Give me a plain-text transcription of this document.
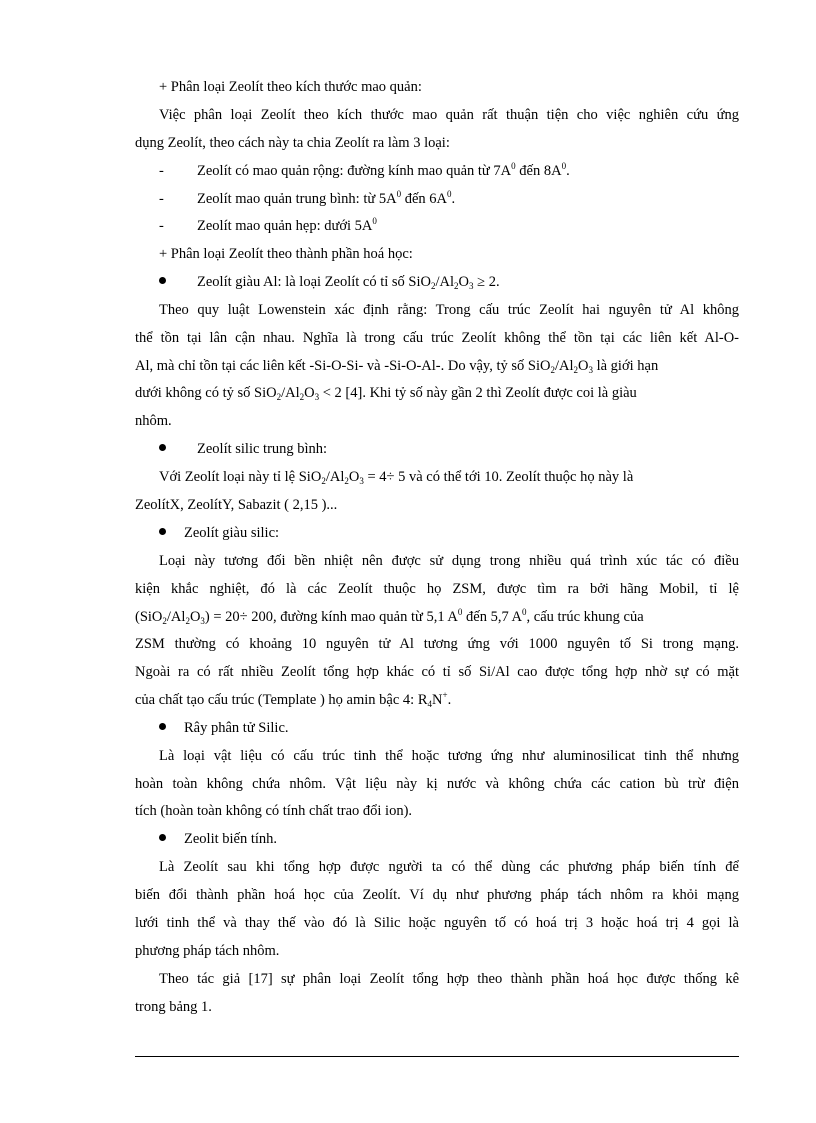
+ Phân loại Zeolít theo kích thước mao quản:
Việc phân loại Zeolít theo kích thước mao quản rất thuận tiện cho việc nghiên cứu ứng
dụng Zeolít, theo cách này ta chia Zeolít ra làm 3 loại:
- Zeolít có mao quản rộng: đường kính mao quản từ $7A^0$ đến $8A^0$.
- Zeolít mao quản trung bình: từ $5A^0$ đến $6A^0$.
- Zeolít mao quản hẹp: dưới $5A^0$
+ Phân loại Zeolít theo thành phần hoá học:
Zeolít giàu Al: là loại Zeolít có tỉ số $SiO_2/Al_2O_3 \ge 2$.
Theo quy luật Lowenstein xác định rằng: Trong cấu trúc Zeolít hai nguyên tử Al không
thể tồn tại lân cận nhau. Nghĩa là trong cấu trúc Zeolít không thể tồn tại các liên kết Al-O-
Al, mà chỉ tồn tại các liên kết -Si-O-Si- và -Si-O-Al-. Do vậy, tỷ số $SiO_2/Al_2O_3$ là giới hạn
dưới không có tỷ số $SiO_2/Al_2O_3 < 2$ [4]. Khi tỷ số này gần 2 thì Zeolít được coi là giàu
nhôm.
Zeolít silic trung bình:
Với Zeolít loại này tỉ lệ $SiO_2/Al_2O_3 = 4\div 5$ và có thể tới 10. Zeolít thuộc họ này là
ZeolítX, ZeolítY, Sabazit ( 2,15 )...
Zeolít giàu silic:
Loại này tương đối bền nhiệt nên được sử dụng trong nhiều quá trình xúc tác có điều
kiện khắc nghiệt, đó là các Zeolít thuộc họ ZSM, được tìm ra bởi hãng Mobil, tỉ lệ
$(SiO_2/Al_2O_3) = 20\div 200$, đường kính mao quản từ 5,1 $A^0$ đến 5,7 $A^0$, cấu trúc khung của
ZSM thường có khoảng 10 nguyên tử Al tương ứng với 1000 nguyên tố Si trong mạng.
Ngoài ra có rất nhiều Zeolít tổng hợp khác có tỉ số Si/Al cao được tổng hợp nhờ sự có mặt
của chất tạo cấu trúc (Template ) họ amin bậc 4: $R_4N^+$.
Rây phân tử Silic.
Là loại vật liệu có cấu trúc tinh thể hoặc tương ứng như aluminosilicat tinh thể nhưng
hoàn toàn không chứa nhôm. Vật liệu này kị nước và không chứa các cation bù trừ điện
tích (hoàn toàn không có tính chất trao đổi ion).
Zeolit biến tính.
Là Zeolít sau khi tổng hợp được người ta có thể dùng các phương pháp biến tính để
biến đổi thành phần hoá học của Zeolít. Ví dụ như phương pháp tách nhôm ra khỏi mạng
lưới tinh thể và thay thế vào đó là Silic hoặc nguyên tố có hoá trị 3 hoặc hoá trị 4 gọi là
phương pháp tách nhôm.
Theo tác giả [17] sự phân loại Zeolít tổng hợp theo thành phần hoá học được thống kê
trong bảng 1.
